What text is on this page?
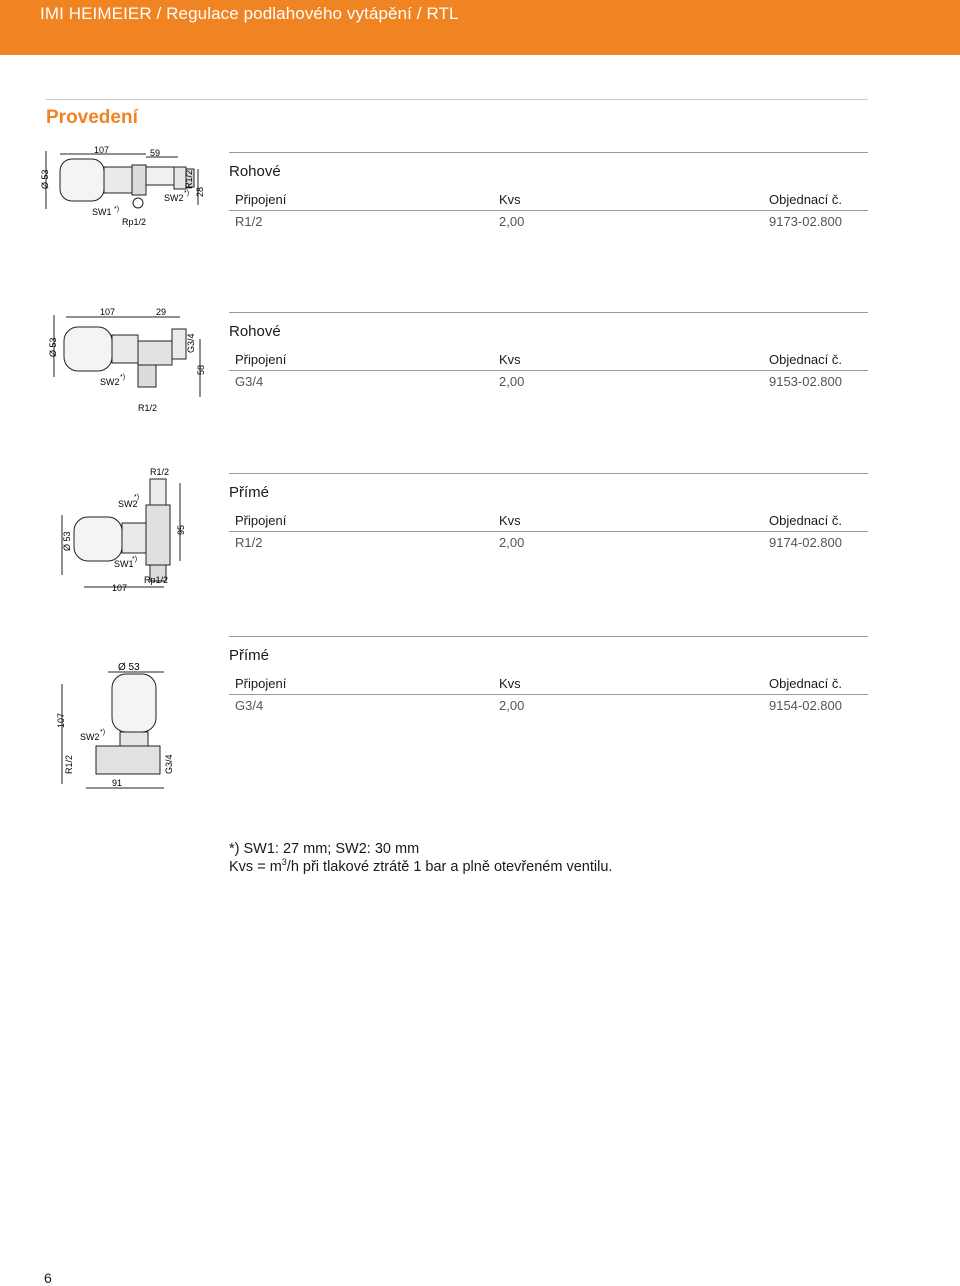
IMI HEIMEIER / Regulace podlahového vytápění / RTL
Provedení
Ø 53
107	59
R1/2
28
SW1 *)
Rp1/2
SW2 *)
Rohové
Připojení	Kvs	Objednací č.
R1/2	2,00	9173-02.800
Ø 53
107	29
G3/4
58
SW2 *)
R1/2
Rohové
Připojení	Kvs	Objednací č.
G3/4	2,00	9153-02.800
R1/2
SW2
*)
Ø 53
95
SW1
*)
107
Rp1/2
Přímé
Připojení	Kvs	Objednací č.
R1/2	2,00	9174-02.800
Ø 53
107
SW2 *)
R1/2	G3/4
91
Přímé
Připojení	Kvs	Objednací č.
G3/4	2,00	9154-02.800
*) SW1: 27 mm; SW2: 30 mm
Kvs = $m^3/h$ při tlakové ztrátě 1 bar a plně otevřeném ventilu.
6
